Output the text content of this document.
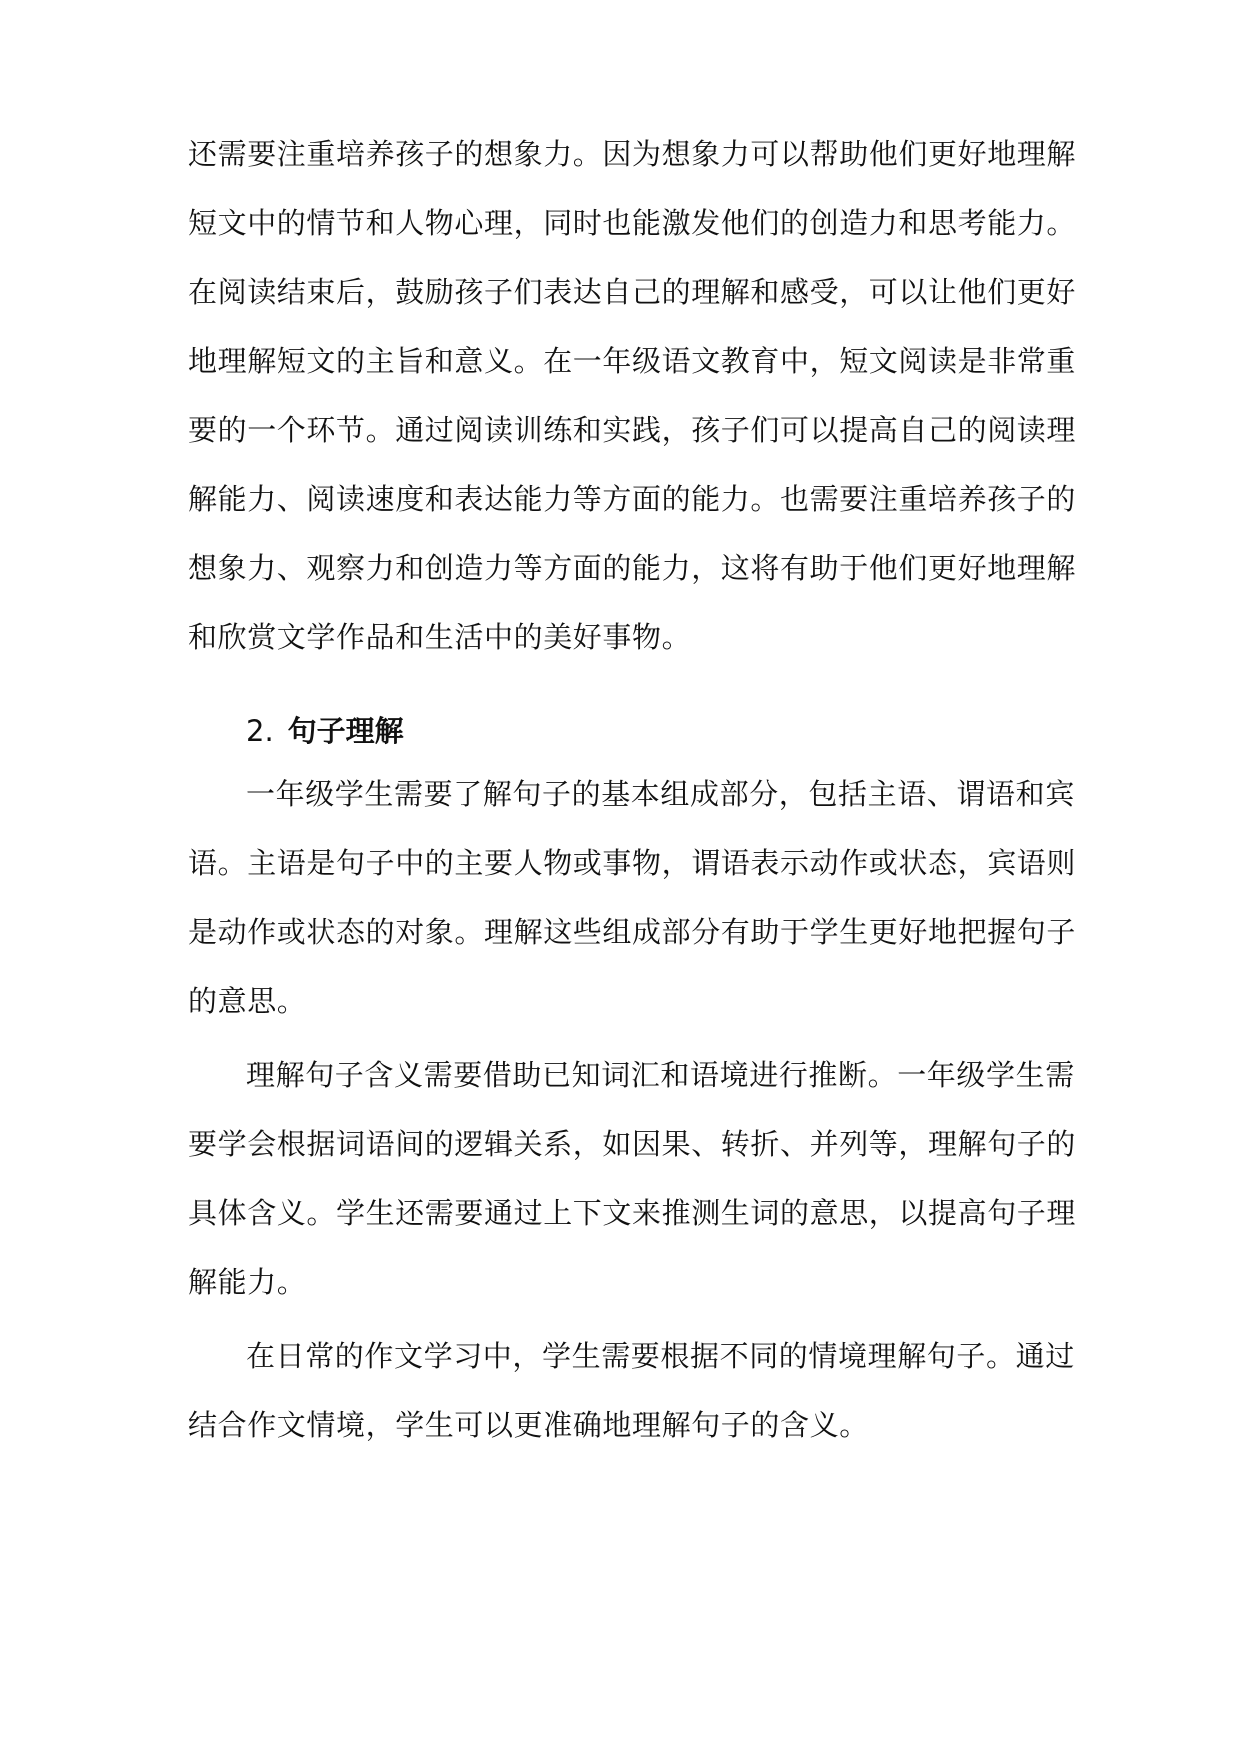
还需要注重培养孩子的想象力。因为想象力可以帮助他们更好地理解
短文中的情节和人物心理，同时也能激发他们的创造力和思考能力。
在阅读结束后，鼓励孩子们表达自己的理解和感受，可以让他们更好
地理解短文的主旨和意义。在一年级语文教育中，短文阅读是非常重
要的一个环节。通过阅读训练和实践，孩子们可以提高自己的阅读理
解能力、阅读速度和表达能力等方面的能力。也需要注重培养孩子的
想象力、观察力和创造力等方面的能力，这将有助于他们更好地理解
和欣赏文学作品和生活中的美好事物。
2. 句子理解
一年级学生需要了解句子的基本组成部分，包括主语、谓语和宾
语。主语是句子中的主要人物或事物，谓语表示动作或状态，宾语则
是动作或状态的对象。理解这些组成部分有助于学生更好地把握句子
的意思。
理解句子含义需要借助已知词汇和语境进行推断。一年级学生需
要学会根据词语间的逻辑关系，如因果、转折、并列等，理解句子的
具体含义。学生还需要通过上下文来推测生词的意思，以提高句子理
解能力。
在日常的作文学习中，学生需要根据不同的情境理解句子。通过
结合作文情境，学生可以更准确地理解句子的含义。
